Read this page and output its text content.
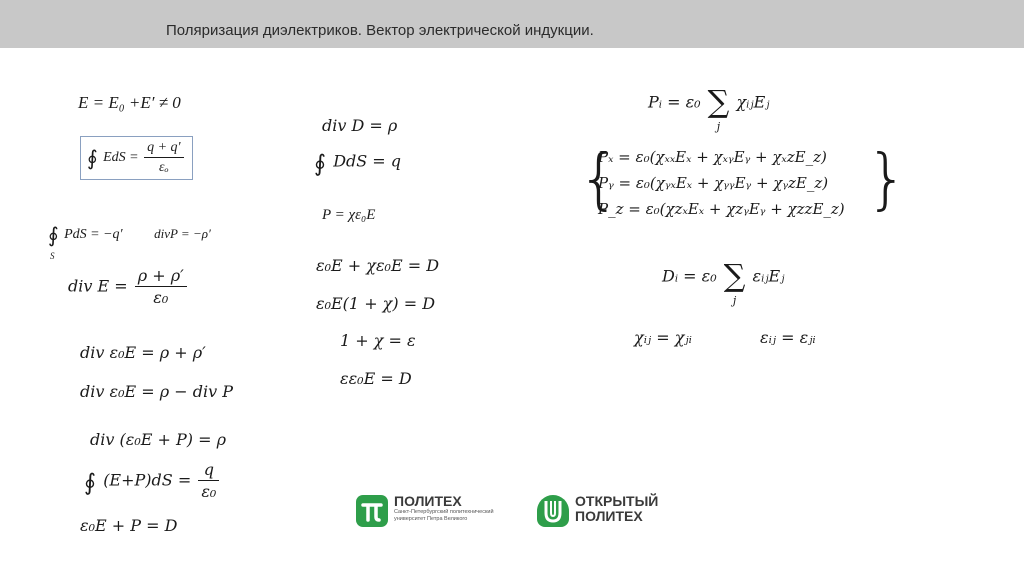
Поляризация диэлектриков. Вектор электрической индукции.
E = E₀ +E′ ≠ 0
∮ EdS = $\frac{q + q'}{\text{εₒ}}$
∮ PdS = −q′
S
divP = −ρ′
div $E = \frac{\rho + \rho'}{\text{ε₀}}$
div ε₀E = ρ + ρ′
div ε₀E = ρ − div P
div (ε₀E + P) = ρ
∮ $(E+P)dS = \frac{q}{\text{ε₀}}$
ε₀E + P = D
div D = ρ
∮ DdS = q
P = χε₀E
ε₀E + χε₀E = D
ε₀E(1 + χ) = D
1 + χ = ε
εε₀E = D
Pᵢ = ε₀ ∑
j
χᵢⱼEⱼ
{
Pₓ = ε₀(χₓₓEₓ + χₓᵧEᵧ + χₓzE_z)
Pᵧ = ε₀(χᵧₓEₓ + χᵧᵧEᵧ + χᵧzE_z)
P_z = ε₀(χzₓEₓ + χzᵧEᵧ + χzzE_z) }
Dᵢ = ε₀ ∑
j
εᵢⱼEⱼ
χᵢⱼ = χⱼᵢ	εᵢⱼ = εⱼᵢ
ПОЛИТЕХ
Санкт-Петербургский политехнический университет Петра Великого
ОТКРЫТЫЙ
ПОЛИТЕХ
